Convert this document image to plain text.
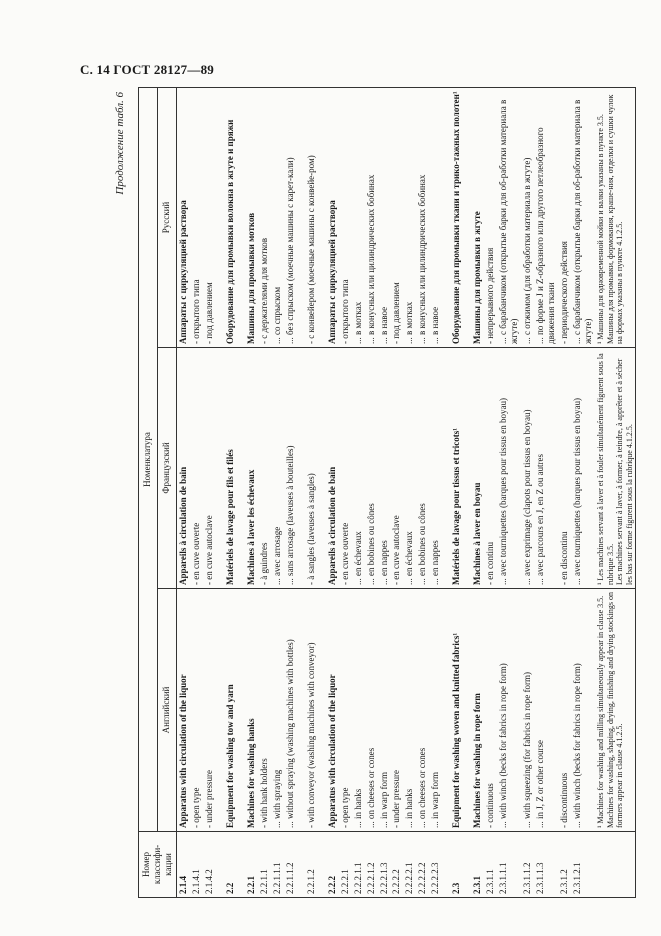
С. 14 ГОСТ 28127—89
Продолжение табл. 6
Номер классифи- кации	Номенклатура		
	Английский	Французский	Русский
2.1.4	Apparatus with circulation of the liquor	Appareils à circulation de bain	Аппараты с циркуляцией раствора
2.1.4.1	- open type	- en cuve ouverte	- открытого типа
2.1.4.2	- under pressure	- en cuve autoclave	- под давлением

2.2	Equipment for washing tow and yarn	Matériels de lavage pour fils et filés	Оборудование для промывки волокна в жгуте и пряжи

2.2.1	Machines for washing hanks	Machines à laver les échevaux	Машины для промывки мотков
2.2.1.1	- with hank holders	- à guindres	- с держателями для мотков
2.2.1.1.1	... with spraying	... avec arrosage	... со спрыском
2.2.1.1.2	... without spraying (washing machines with bottles)	... sans arrosage (laveuses à bouteilles)	... без спрыском (моечные машины с карет-кали)

2.2.1.2	- with conveyor (washing machines with conveyor)	- à sangles (laveuses à sangles)	- с конвейером (моечные машины с конвейе-ром)

2.2.2	Apparatus with circulation of the liquor	Appareils à circulation de bain	Аппараты с циркуляцией раствора
2.2.2.1	- open type	- en cuve ouverte	- открытого типа
2.2.2.1.1	... in hanks	... en échevaux	... в мотках
2.2.2.1.2	... on cheeses or cones	... en bobines ou cônes	... в конусных или цилиндрических бобинах
2.2.2.1.3	... in warp form	... en nappes	... в навое
2.2.2.2	- under pressure	- en cuve autoclave	- под давлением
2.2.2.2.1	... in hanks	... en échevaux	... в мотках
2.2.2.2.2	... on cheeses or cones	... en bobines ou cônes	... в конусных или цилиндрических бобинах
2.2.2.2.3	... in warp form	... en nappes	... в навое

2.3	Equipment for washing woven and knitted fabrics¹	Matériels de lavage pour tissus et tricots¹	Оборудование для промывки ткани и трико-тажных полотен¹

2.3.1	Machines for washing in rope form	Machines à laver en boyau	Машины для промывки в жгуте
2.3.1.1	- continuous	- en continu	- непрерывного действия
2.3.1.1.1	... with winch (becks for fabrics in rope form)	... avec tourniquettes (barques pour tissus en boyau)	... с барабанчиком (открытые барки для об-работки материала в жгуте)
2.3.1.1.2	... with squeezing (for fabrics in rope form)	... avec exprimage (clapots pour tissus en boyau)	... с отжимом (для обработки материала в жгуте)
2.3.1.1.3	... in J, Z or other course	... avec parcours en J, en Z ou autres	... по форме J и Z-образного или другого петлеобразного движения ткани
2.3.1.2	- discontinuous	- en discontinu	- периодического действия
2.3.1.2.1	... with winch (becks for fabrics in rope form)	... avec tourniquettes (barques pour tissus en boyau)	... с барабанчиком (открытые барки для об-работки материала в жгуте)

	¹ Machines for washing and milling simultaneously appear in clause 3.5. Machines for washing, shaping, drying, finishing and drying stockings on formers appear in clause 4.1.2.5.	¹ Les machines servant à laver et à fouler simultanément figurent sous la rubrique 3.5. Les machines servant à laver, à former, à teindre, à apprêter et à sécher les bas sur forme figurent sous la rubrique 4.1.2.5.	¹ Машины для одновременной мойки и валки указаны в пункте 3.5. Машины для промывки, формования, краше-ния, отделки и сушки чулок на формах указаны в пункте 4.1.2.5.
